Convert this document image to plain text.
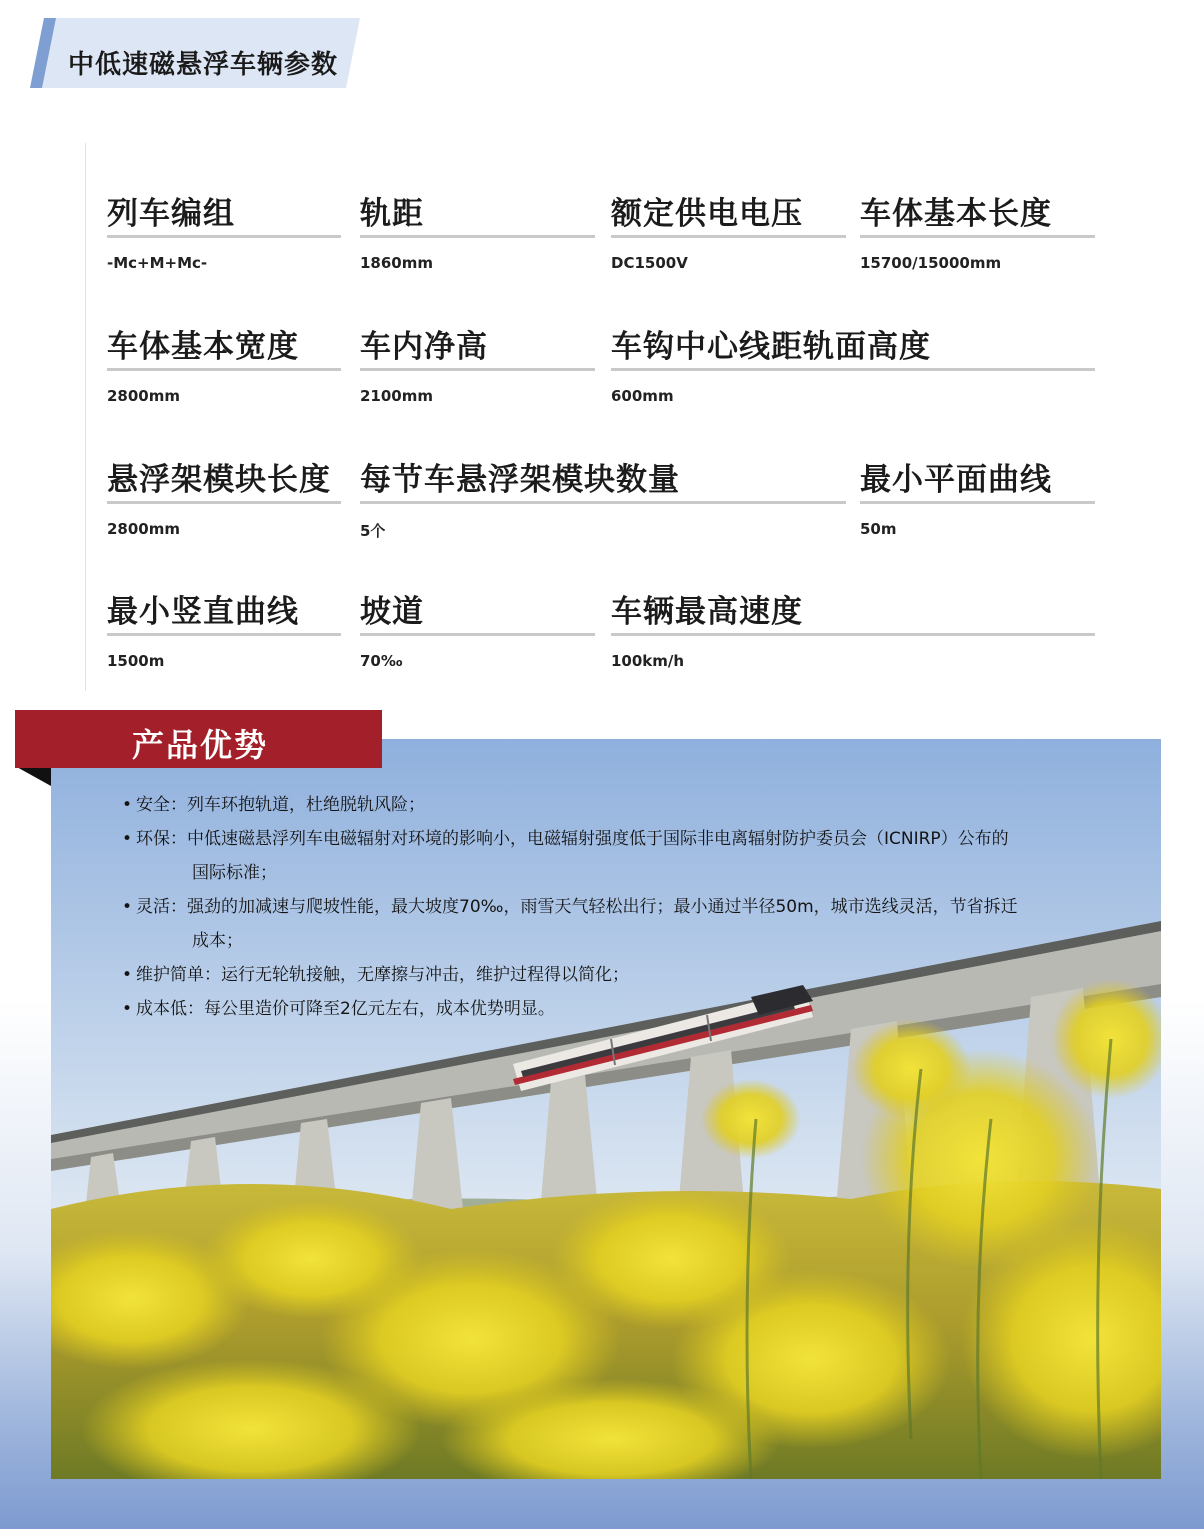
中低速磁悬浮车辆参数
列车编组
-Mc+M+Mc-
轨距
1860mm
额定供电电压
DC1500V
车体基本长度
15700/15000mm
车体基本宽度
2800mm
车内净高
2100mm
车钩中心线距轨面高度
600mm
悬浮架模块长度
2800mm
每节车悬浮架模块数量
5个
最小平面曲线
50m
最小竖直曲线
1500m
坡道
70‰
车辆最高速度
100km/h
产品优势
• 安全：列车环抱轨道，杜绝脱轨风险；
• 环保：中低速磁悬浮列车电磁辐射对环境的影响小，电磁辐射强度低于国际非电离辐射防护委员会（ICNIRP）公布的
国际标准；
• 灵活：强劲的加减速与爬坡性能，最大坡度70‰，雨雪天气轻松出行；最小通过半径50m，城市选线灵活，节省拆迁
成本；
• 维护简单：运行无轮轨接触，无摩擦与冲击，维护过程得以简化；
• 成本低：每公里造价可降至2亿元左右，成本优势明显。
